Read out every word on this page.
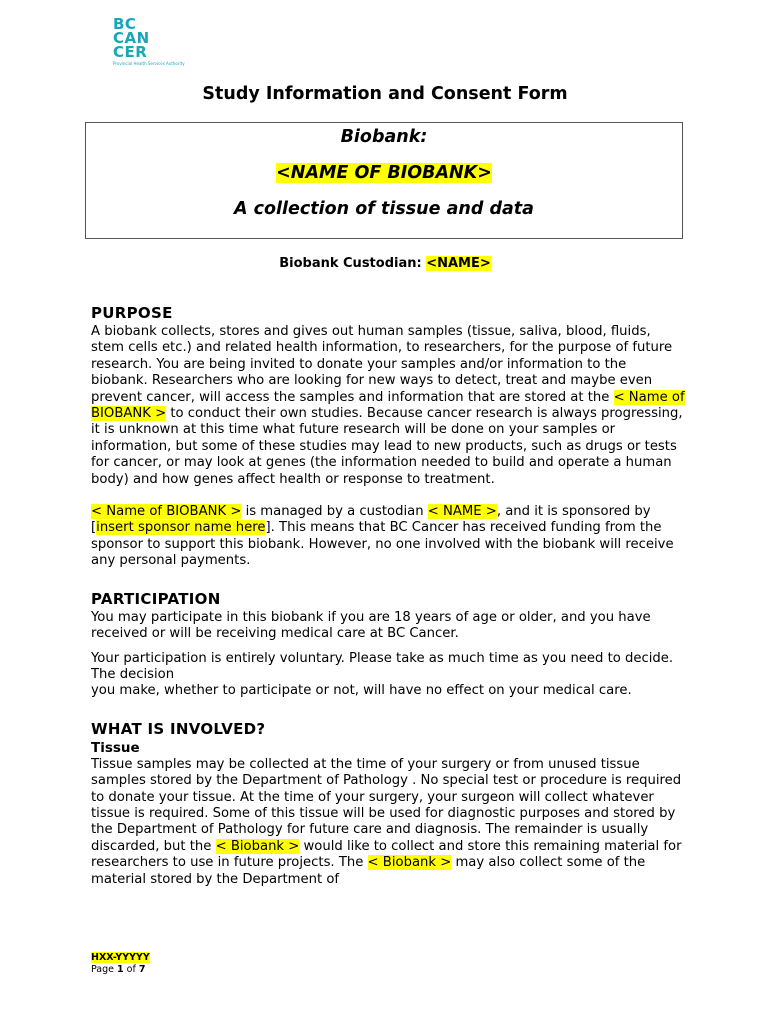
BC
CAN
CER
Provincial Health Services Authority
Study Information and Consent Form
Biobank:
<NAME OF BIOBANK>
A collection of tissue and data
Biobank Custodian: <NAME>
PURPOSE

A biobank collects, stores and gives out human samples (tissue, saliva, blood, fluids, stem cells etc.) and related health information, to researchers, for the purpose of future research. You are being invited to donate your samples and/or information to the biobank. Researchers who are looking for new ways to detect, treat and maybe even prevent cancer, will access the samples and information that are stored at the < Name of BIOBANK > to conduct their own studies. Because cancer research is always progressing, it is unknown at this time what future research will be done on your samples or information, but some of these studies may lead to new products, such as drugs or tests for cancer, or may look at genes (the information needed to build and operate a human body) and how genes affect health or response to treatment.

< Name of BIOBANK > is managed by a custodian < NAME >, and it is sponsored by [insert sponsor name here]. This means that BC Cancer has received funding from the sponsor to support this biobank. However, no one involved with the biobank will receive any personal payments.

PARTICIPATION

You may participate in this biobank if you are 18 years of age or older, and you have received or will be receiving medical care at BC Cancer.

Your participation is entirely voluntary. Please take as much time as you need to decide. The decision
you make, whether to participate or not, will have no effect on your medical care.

WHAT IS INVOLVED?
Tissue

Tissue samples may be collected at the time of your surgery or from unused tissue samples stored by the Department of Pathology . No special test or procedure is required to donate your tissue. At the time of your surgery, your surgeon will collect whatever tissue is required. Some of this tissue will be used for diagnostic purposes and stored by the Department of Pathology for future care and diagnosis. The remainder is usually discarded, but the < Biobank > would like to collect and store this remaining material for researchers to use in future projects. The < Biobank > may also collect some of the material stored by the Department of

HXX-YYYYY
Page 1 of 7
